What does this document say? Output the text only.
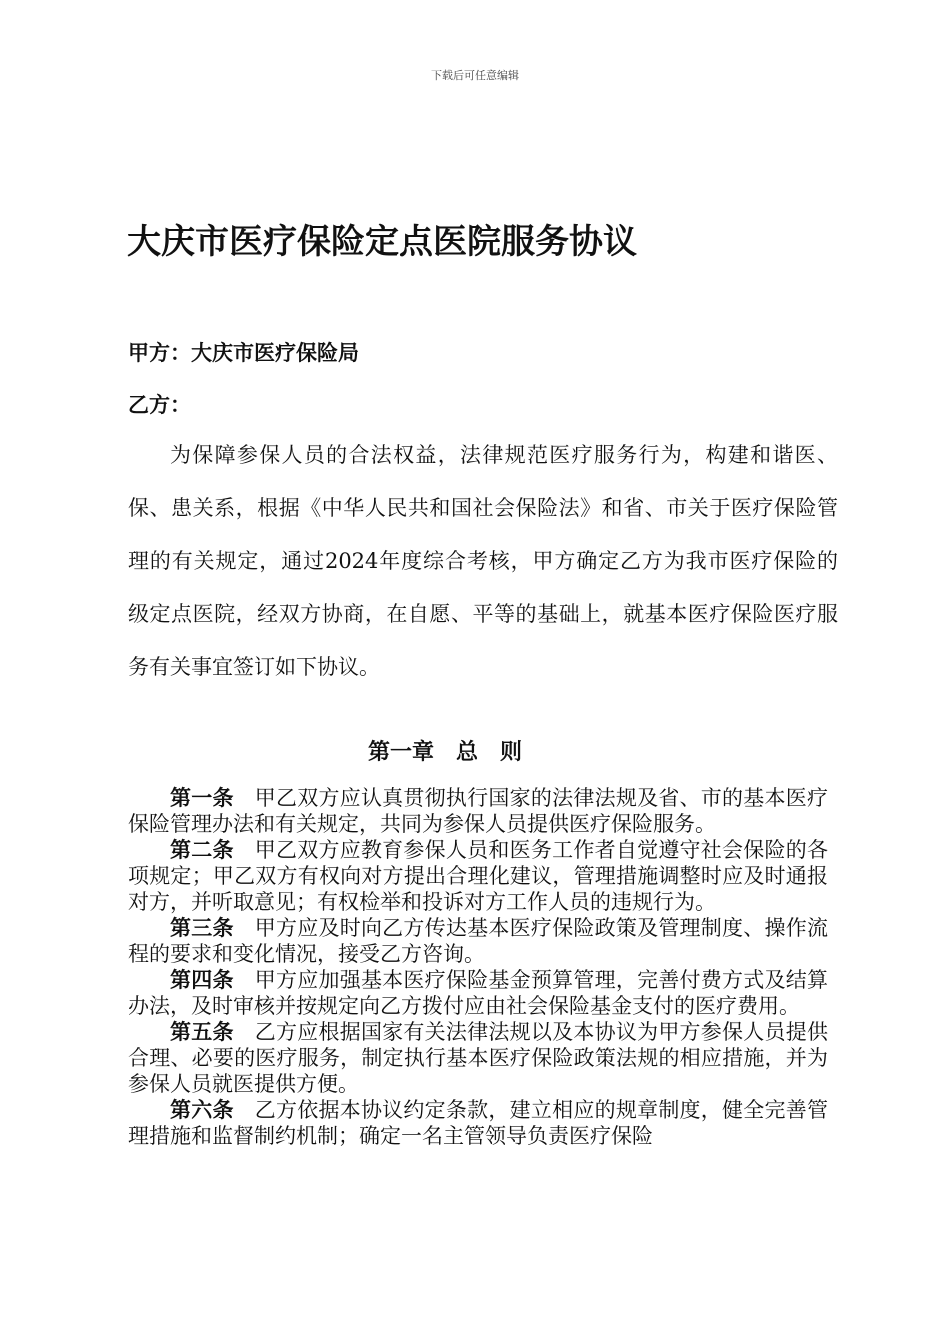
下载后可任意编辑
大庆市医疗保险定点医院服务协议
甲方：大庆市医疗保险局
乙方：

为保障参保人员的合法权益，法律规范医疗服务行为，构建和谐医、保、患关系，根据《中华人民共和国社会保险法》和省、市关于医疗保险管理的有关规定，通过2024年度综合考核，甲方确定乙方为我市医疗保险的　　级定点医院，经双方协商，在自愿、平等的基础上，就基本医疗保险医疗服务有关事宜签订如下协议。

第一章　总　则

第一条 甲乙双方应认真贯彻执行国家的法律法规及省、市的基本医疗保险管理办法和有关规定，共同为参保人员提供医疗保险服务。

第二条 甲乙双方应教育参保人员和医务工作者自觉遵守社会保险的各项规定；甲乙双方有权向对方提出合理化建议，管理措施调整时应及时通报对方，并听取意见；有权检举和投诉对方工作人员的违规行为。

第三条 甲方应及时向乙方传达基本医疗保险政策及管理制度、操作流程的要求和变化情况，接受乙方咨询。

第四条 甲方应加强基本医疗保险基金预算管理，完善付费方式及结算办法，及时审核并按规定向乙方拨付应由社会保险基金支付的医疗费用。

第五条 乙方应根据国家有关法律法规以及本协议为甲方参保人员提供合理、必要的医疗服务，制定执行基本医疗保险政策法规的相应措施，并为参保人员就医提供方便。

第六条 乙方依据本协议约定条款，建立相应的规章制度，健全完善管理措施和监督制约机制；确定一名主管领导负责医疗保险
